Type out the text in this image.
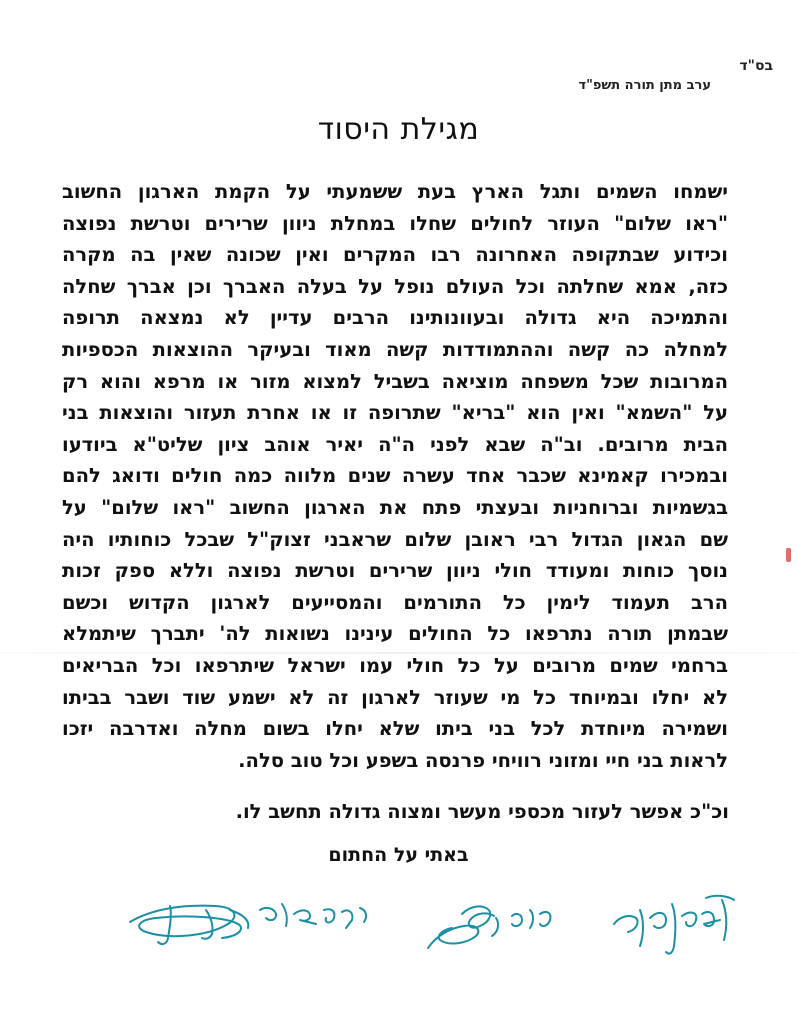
בס"ד
ערב מתן תורה תשפ"ד
מגילת היסוד
ישמחו השמים ותגל הארץ בעת ששמעתי על הקמת הארגון החשוב
"ראו שלום" העוזר לחולים שחלו במחלת ניוון שרירים וטרשת נפוצה
וכידוע שבתקופה האחרונה רבו המקרים ואין שכונה שאין בה מקרה
כזה, אמא שחלתה וכל העולם נופל על בעלה האברך וכן אברך שחלה
והתמיכה היא גדולה ובעוונותינו הרבים עדיין לא נמצאה תרופה
למחלה כה קשה וההתמודדות קשה מאוד ובעיקר ההוצאות הכספיות
המרובות שכל משפחה מוציאה בשביל למצוא מזור או מרפא והוא רק
על "השמא" ואין הוא "בריא" שתרופה זו או אחרת תעזור והוצאות בני
הבית מרובים. וב"ה שבא לפני ה"ה יאיר אוהב ציון שליט"א ביודעו
ובמכירו קאמינא שכבר אחד עשרה שנים מלווה כמה חולים ודואג להם
בגשמיות וברוחניות ובעצתי פתח את הארגון החשוב "ראו שלום" על
שם הגאון הגדול רבי ראובן שלום שראבני זצוק"ל שבכל כוחותיו היה
נוסך כוחות ומעודד חולי ניוון שרירים וטרשת נפוצה וללא ספק זכות
הרב תעמוד לימין כל התורמים והמסייעים לארגון הקדוש וכשם
שבמתן תורה נתרפאו כל החולים עינינו נשואות לה' יתברך שיתמלא
ברחמי שמים מרובים על כל חולי עמו ישראל שיתרפאו וכל הבריאים
לא יחלו ובמיוחד כל מי שעוזר לארגון זה לא ישמע שוד ושבר בביתו
ושמירה מיוחדת לכל בני ביתו שלא יחלו בשום מחלה ואדרבה יזכו
לראות בני חיי ומזוני רוויחי פרנסה בשפע וכל טוב סלה.

וכ"כ אפשר לעזור מכספי מעשר ומצוה גדולה תחשב לו.

באתי על החתום
